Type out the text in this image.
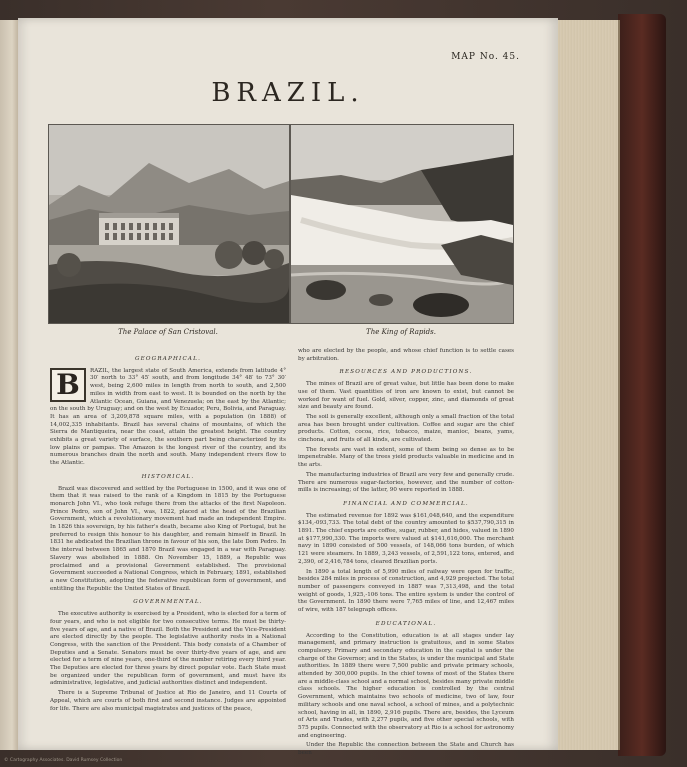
MAP No. 45.
BRAZIL.
The Palace of San Cristoval.	The King of Rapids.
GEOGRAPHICAL.

B	RAZIL, the largest state of South America, extends from latitude 4° 30′ north to 33° 45′ south, and from longitude 34° 48′ to 73° 30′ west, being 2,600 miles in length from north to south, and 2,500 miles in width from east to west. It is bounded on the north by the Atlantic Ocean, Guiana, and Venezuela; on the east by the Atlantic; on the south by Uruguay; and on the west by Ecuador, Peru, Bolivia, and Paraguay. It has an area of 3,209,878 square miles, with a population (in 1888) of 14,002,335 inhabitants. Brazil has several chains of mountains, of which the Sierra de Mantiqueira, near the coast, attain the greatest height. The country exhibits a great variety of surface, the southern part being characterized by its low plains or pampas. The Amazon is the longest river of the country, and its numerous branches drain the north and south. Many independent rivers flow to the Atlantic.

HISTORICAL.

Brazil was discovered and settled by the Portuguese in 1500, and it was one of them that it was raised to the rank of a Kingdom in 1815 by the Portuguese monarch John VI., who took refuge there from the attacks of the first Napoleon. Prince Pedro, son of John VI., was, 1822, placed at the head of the Brazilian Government, which a revolutionary movement had made an independent Empire. In 1826 this sovereign, by his father's death, became also King of Portugal, but he preferred to resign this honour to his daughter, and remain himself in Brazil. In 1831 he abdicated the Brazilian throne in favour of his son, the late Dom Pedro. In the interval between 1865 and 1870 Brazil was engaged in a war with Paraguay. Slavery was abolished in 1888. On November 15, 1889, a Republic was proclaimed and a provisional Government established. The provisional Government succeeded a National Congress, which in February, 1891, established a new Constitution, adopting the federative republican form of government, and entitling the Republic the United States of Brazil.

GOVERNMENTAL.

The executive authority is exercised by a President, who is elected for a term of four years, and who is not eligible for two consecutive terms. He must be thirty-five years of age, and a native of Brazil. Both the President and the Vice-President are elected directly by the people. The legislative authority rests in a National Congress, with the sanction of the President. This body consists of a Chamber of Deputies and a Senate. Senators must be over thirty-five years of age, and are elected for a term of nine years, one-third of the number retiring every third year. The Deputies are elected for three years by direct popular vote. Each State must be organized under the republican form of government, and must have its administrative, legislative, and judicial authorities distinct and independent.

There is a Supreme Tribunal of Justice at Rio de Janeiro, and 11 Courts of Appeal, which are courts of both first and second instance. Judges are appointed for life. There are also municipal magistrates and justices of the peace,

who are elected by the people, and whose chief function is to settle cases by arbitration.

RESOURCES AND PRODUCTIONS.

The mines of Brazil are of great value, but little has been done to make use of them. Vast quantities of iron are known to exist, but cannot be worked for want of fuel. Gold, silver, copper, zinc, and diamonds of great size and beauty are found.

The soil is generally excellent, although only a small fraction of the total area has been brought under cultivation. Coffee and sugar are the chief products. Cotton, cocoa, rice, tobacco, maize, manioc, beans, yams, cinchona, and fruits of all kinds, are cultivated.

The forests are vast in extent, some of them being so dense as to be impenetrable. Many of the trees yield products valuable in medicine and in the arts.

The manufacturing industries of Brazil are very few and generally crude. There are numerous sugar-factories, however, and the number of cotton-mills is increasing; of the latter, 90 were reported in 1888.

FINANCIAL AND COMMERCIAL.

The estimated revenue for 1892 was $161,048,640, and the expenditure $134,-093,733. The total debt of the country amounted to $537,790,315 in 1891. The chief exports are coffee, sugar, rubber, and hides, valued in 1890 at $177,990,330. The imports were valued at $141,616,000. The merchant navy in 1890 consisted of 500 vessels, of 148,066 tons burden, of which 121 were steamers. In 1889, 3,243 vessels, of 2,591,122 tons, entered, and 2,390, of 2,416,784 tons, cleared Brazilian ports.

In 1890 a total length of 5,990 miles of railway were open for traffic, besides 284 miles in process of construction, and 4,929 projected. The total number of passengers conveyed in 1887 was 7,313,498, and the total weight of goods, 1,925,-106 tons. The entire system is under the control of the Government. In 1890 there were 7,765 miles of line, and 12,467 miles of wire, with 187 telegraph offices.

EDUCATIONAL.

According to the Constitution, education is at all stages under lay management, and primary instruction is gratuitous, and in some States compulsory. Primary and secondary education in the capital is under the charge of the Governor; and in the States, is under the municipal and State authorities. In 1889 there were 7,500 public and private primary schools, attended by 300,000 pupils. In the chief towns of most of the States there are a middle-class school and a normal school, besides many private middle class schools. The higher education is controlled by the central Government, which maintains two schools of medicine, two of law, four military schools and one naval school, a school of mines, and a polytechnic school, having in all, in 1890, 2,916 pupils. There are, besides, the Lyceum of Arts and Trades, with 2,277 pupils, and five other special schools, with 575 pupils. Connected with the observatory at Rio is a school for astronomy and engineering.

Under the Republic the connection between the State and Church has been

© Cartography Associates. David Rumsey Collection
